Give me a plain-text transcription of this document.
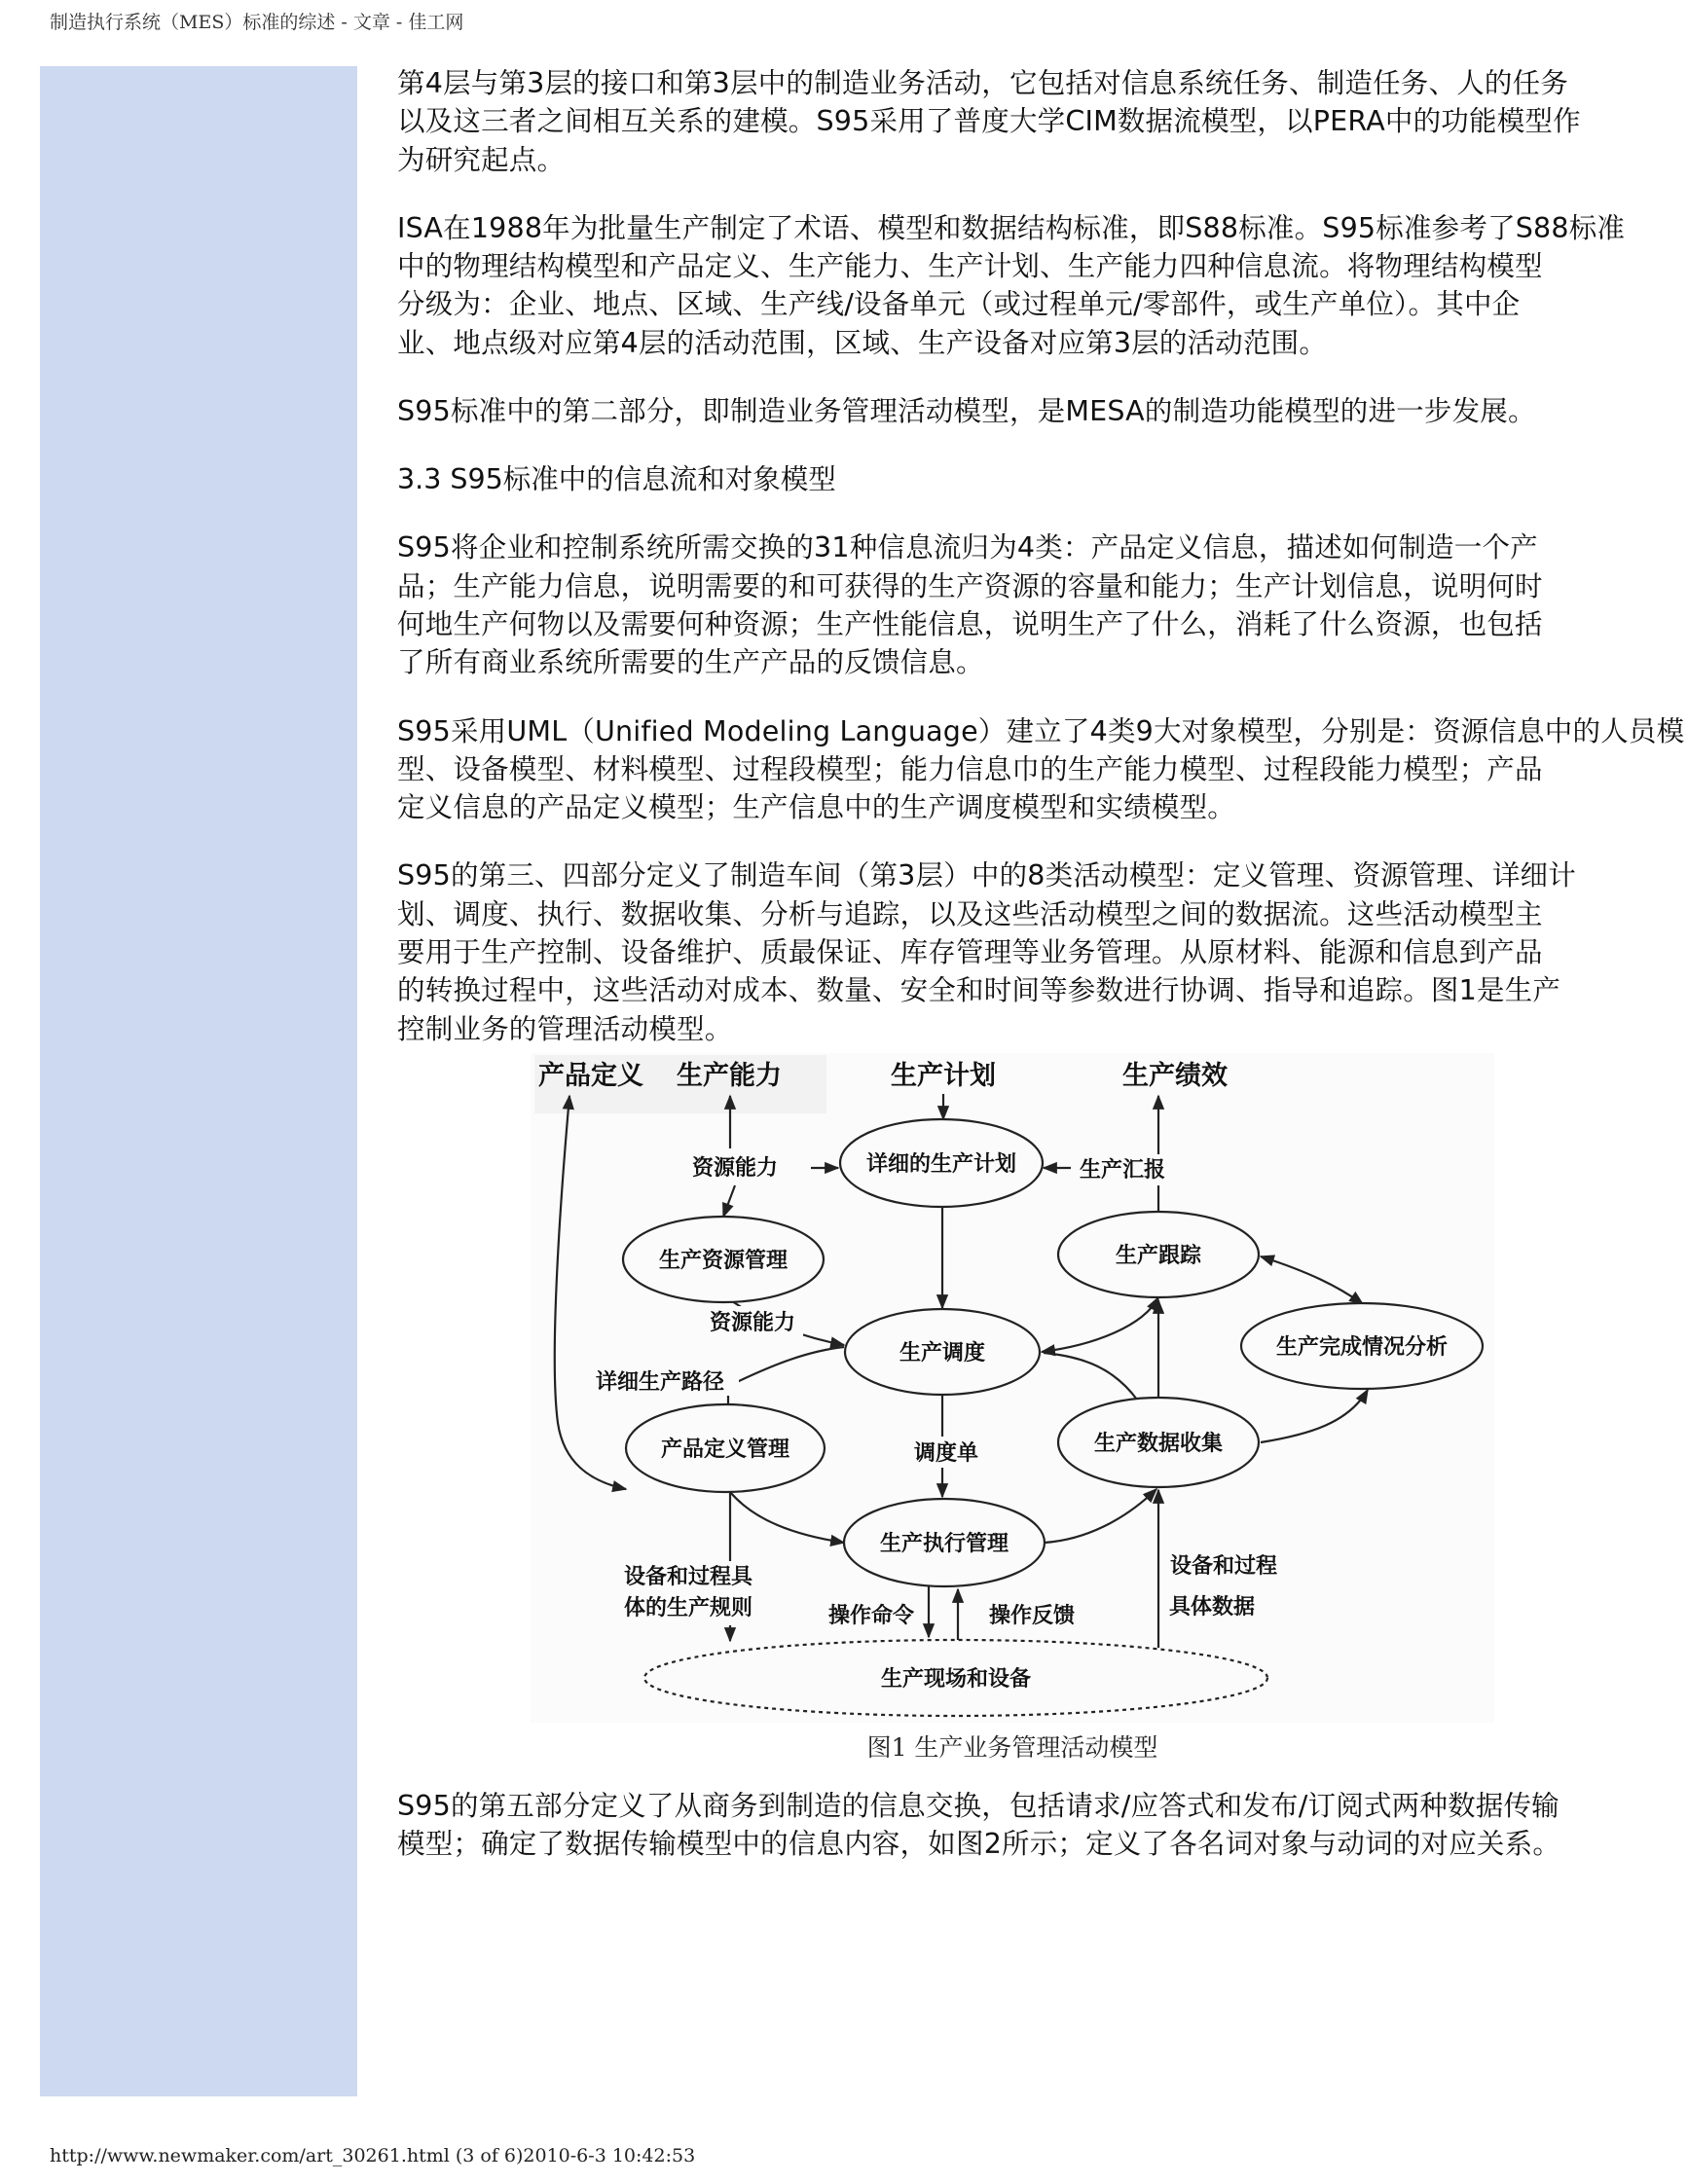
制造执行系统（MES）标准的综述 - 文章 - 佳工网

第4层与第3层的接口和第3层中的制造业务活动，它包括对信息系统任务、制造任务、人的任务
以及这三者之间相互关系的建模。S95采用了普度大学CIM数据流模型，以PERA中的功能模型作
为研究起点。

ISA在1988年为批量生产制定了术语、模型和数据结构标准，即S88标准。S95标准参考了S88标准
中的物理结构模型和产品定义、生产能力、生产计划、生产能力四种信息流。将物理结构模型
分级为：企业、地点、区域、生产线/设备单元（或过程单元/零部件，或生产单位）。其中企
业、地点级对应第4层的活动范围，区域、生产设备对应第3层的活动范围。

S95标准中的第二部分，即制造业务管理活动模型，是MESA的制造功能模型的进一步发展。

3.3 S95标准中的信息流和对象模型

S95将企业和控制系统所需交换的31种信息流归为4类：产品定义信息，描述如何制造一个产
品；生产能力信息，说明需要的和可获得的生产资源的容量和能力；生产计划信息，说明何时
何地生产何物以及需要何种资源；生产性能信息，说明生产了什么，消耗了什么资源，也包括
了所有商业系统所需要的生产产品的反馈信息。

S95采用UML（Unified Modeling Language）建立了4类9大对象模型，分别是：资源信息中的人员模
型、设备模型、材料模型、过程段模型；能力信息巾的生产能力模型、过程段能力模型；产品
定义信息的产品定义模型；生产信息中的生产调度模型和实绩模型。

S95的第三、四部分定义了制造车间（第3层）中的8类活动模型：定义管理、资源管理、详细计
划、调度、执行、数据收集、分析与追踪，以及这些活动模型之间的数据流。这些活动模型主
要用于生产控制、设备维护、质最保证、库存管理等业务管理。从原材料、能源和信息到产品
的转换过程中，这些活动对成本、数量、安全和时间等参数进行协调、指导和追踪。图1是生产
控制业务的管理活动模型。

产品定义 生产能力	生产计划	生产绩效
详细的生产计划
生产资源管理	生产跟踪
生产调度	生产完成情况分析
产品定义管理	生产数据收集
生产执行管理
生产现场和设备
资源能力
资源能力
生产汇报
详细生产路径
调度单
设备和过程具
体的生产规则	操作命令	操作反馈
设备和过程
具体数据
图1 生产业务管理活动模型

S95的第五部分定义了从商务到制造的信息交换，包括请求/应答式和发布/订阅式两种数据传输
模型；确定了数据传输模型中的信息内容，如图2所示；定义了各名词对象与动词的对应关系。

http://www.newmaker.com/art_30261.html (3 of 6)2010-6-3 10:42:53
